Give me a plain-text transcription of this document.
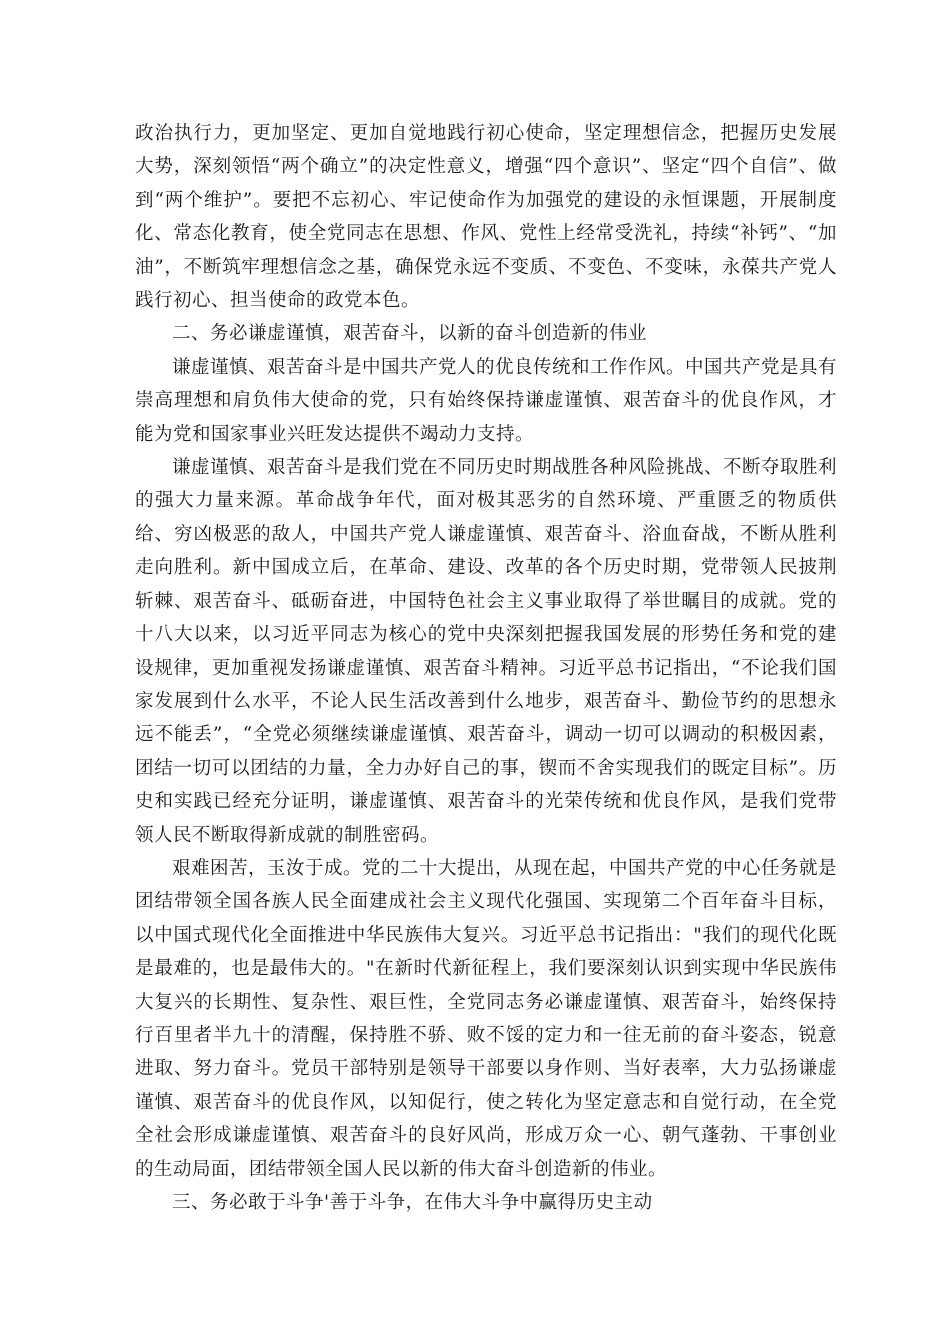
政治执行力，更加坚定、更加自觉地践行初心使命，坚定理想信念，把握历史发展大势，深刻领悟“两个确立”的决定性意义，增强“四个意识”、坚定“四个自信”、做到“两个维护”。要把不忘初心、牢记使命作为加强党的建设的永恒课题，开展制度化、常态化教育，使全党同志在思想、作风、党性上经常受洗礼，持续“补钙”、“加油”，不断筑牢理想信念之基，确保党永远不变质、不变色、不变味，永葆共产党人践行初心、担当使命的政党本色。

二、务必谦虚谨慎，艰苦奋斗，以新的奋斗创造新的伟业

谦虚谨慎、艰苦奋斗是中国共产党人的优良传统和工作作风。中国共产党是具有崇高理想和肩负伟大使命的党，只有始终保持谦虚谨慎、艰苦奋斗的优良作风，才能为党和国家事业兴旺发达提供不竭动力支持。

谦虚谨慎、艰苦奋斗是我们党在不同历史时期战胜各种风险挑战、不断夺取胜利的强大力量来源。革命战争年代，面对极其恶劣的自然环境、严重匮乏的物质供给、穷凶极恶的敌人，中国共产党人谦虚谨慎、艰苦奋斗、浴血奋战，不断从胜利走向胜利。新中国成立后，在革命、建设、改革的各个历史时期，党带领人民披荆斩棘、艰苦奋斗、砥砺奋进，中国特色社会主义事业取得了举世瞩目的成就。党的十八大以来，以习近平同志为核心的党中央深刻把握我国发展的形势任务和党的建设规律，更加重视发扬谦虚谨慎、艰苦奋斗精神。习近平总书记指出，“不论我们国家发展到什么水平，不论人民生活改善到什么地步，艰苦奋斗、勤俭节约的思想永远不能丢”，“全党必须继续谦虚谨慎、艰苦奋斗，调动一切可以调动的积极因素，团结一切可以团结的力量，全力办好自己的事，锲而不舍实现我们的既定目标”。历史和实践已经充分证明，谦虚谨慎、艰苦奋斗的光荣传统和优良作风，是我们党带领人民不断取得新成就的制胜密码。

艰难困苦，玉汝于成。党的二十大提出，从现在起，中国共产党的中心任务就是团结带领全国各族人民全面建成社会主义现代化强国、实现第二个百年奋斗目标，以中国式现代化全面推进中华民族伟大复兴。习近平总书记指出："我们的现代化既是最难的，也是最伟大的。"在新时代新征程上，我们要深刻认识到实现中华民族伟大复兴的长期性、复杂性、艰巨性，全党同志务必谦虚谨慎、艰苦奋斗，始终保持行百里者半九十的清醒，保持胜不骄、败不馁的定力和一往无前的奋斗姿态，锐意进取、努力奋斗。党员干部特别是领导干部要以身作则、当好表率，大力弘扬谦虚谨慎、艰苦奋斗的优良作风，以知促行，使之转化为坚定意志和自觉行动，在全党全社会形成谦虚谨慎、艰苦奋斗的良好风尚，形成万众一心、朝气蓬勃、干事创业的生动局面，团结带领全国人民以新的伟大奋斗创造新的伟业。

三、务必敢于斗争'善于斗争，在伟大斗争中赢得历史主动
